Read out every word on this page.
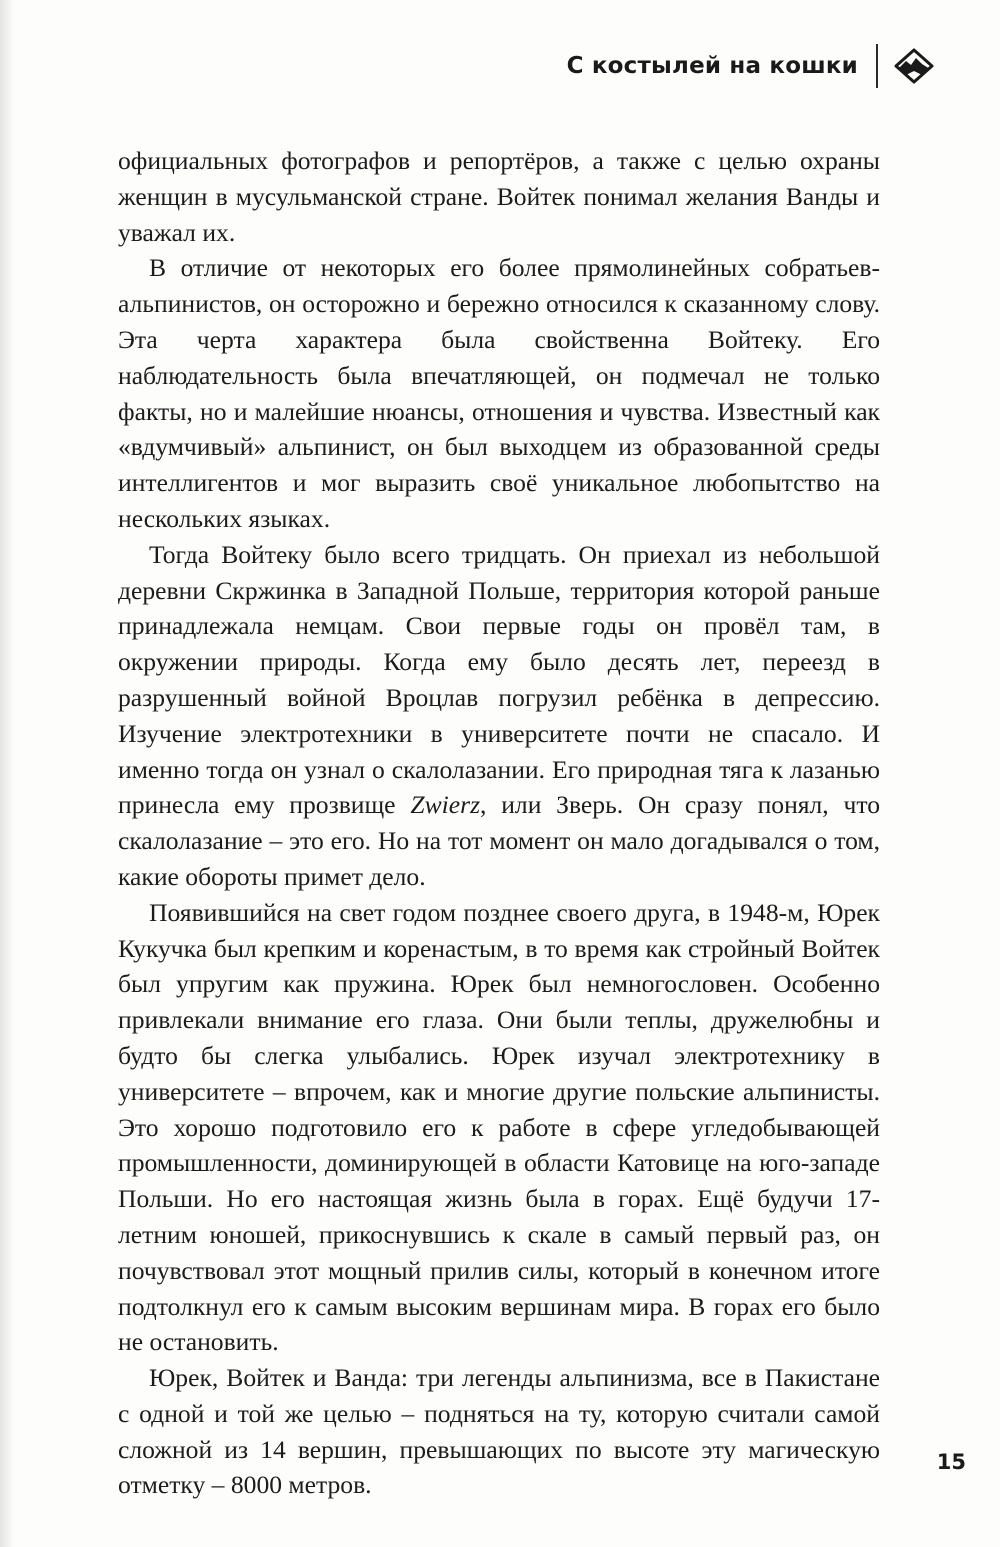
С костылей на кошки

официальных фотографов и репортёров, а также с целью охраны женщин в мусульманской стране. Войтек понимал желания Ванды и уважал их.

В отличие от некоторых его более прямолинейных собратьев-альпинистов, он осторожно и бережно относился к сказанному слову. Эта черта характера была свойственна Войтеку. Его наблюдательность была впечатляющей, он подмечал не только факты, но и малейшие нюансы, отношения и чувства. Известный как «вдумчивый» альпинист, он был выходцем из образованной среды интеллигентов и мог выразить своё уникальное любопытство на нескольких языках.

Тогда Войтеку было всего тридцать. Он приехал из небольшой деревни Скржинка в Западной Польше, территория которой раньше принадлежала немцам. Свои первые годы он провёл там, в окружении природы. Когда ему было десять лет, переезд в разрушенный войной Вроцлав погрузил ребёнка в депрессию. Изучение электротехники в университете почти не спасало. И именно тогда он узнал о скалолазании. Его природная тяга к лазанью принесла ему прозвище Zwierz, или Зверь. Он сразу понял, что скалолазание – это его. Но на тот момент он мало догадывался о том, какие обороты примет дело.

Появившийся на свет годом позднее своего друга, в 1948-м, Юрек Кукучка был крепким и коренастым, в то время как стройный Войтек был упругим как пружина. Юрек был немногословен. Особенно привлекали внимание его глаза. Они были теплы, дружелюбны и будто бы слегка улыбались. Юрек изучал электротехнику в университете – впрочем, как и многие другие польские альпинисты. Это хорошо подготовило его к работе в сфере угледобывающей промышленности, доминирующей в области Катовице на юго-западе Польши. Но его настоящая жизнь была в горах. Ещё будучи 17-летним юношей, прикоснувшись к скале в самый первый раз, он почувствовал этот мощный прилив силы, который в конечном итоге подтолкнул его к самым высоким вершинам мира. В горах его было не остановить.

Юрек, Войтек и Ванда: три легенды альпинизма, все в Пакистане с одной и той же целью – подняться на ту, которую считали самой сложной из 14 вершин, превышающих по высоте эту магическую отметку – 8000 метров.

15
